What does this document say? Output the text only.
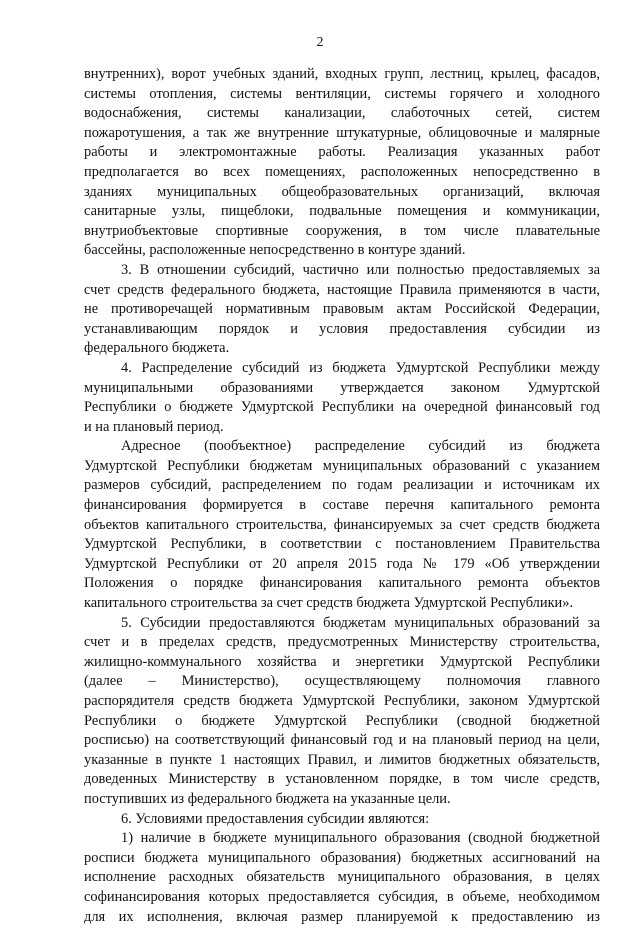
2
внутренних), ворот учебных зданий, входных групп, лестниц, крылец, фасадов,
системы отопления, системы вентиляции, системы горячего и холодного
водоснабжения, системы канализации, слаботочных сетей, систем
пожаротушения, а так же внутренние штукатурные, облицовочные и малярные
работы и электромонтажные работы. Реализация указанных работ
предполагается во всех помещениях, расположенных непосредственно в
зданиях муниципальных общеобразовательных организаций, включая
санитарные узлы, пищеблоки, подвальные помещения и коммуникации,
внутриобъектовые спортивные сооружения, в том числе плавательные
бассейны, расположенные непосредственно в контуре зданий.
3. В отношении субсидий, частично или полностью предоставляемых за
счет средств федерального бюджета, настоящие Правила применяются в части,
не противоречащей нормативным правовым актам Российской Федерации,
устанавливающим порядок и условия предоставления субсидии из
федерального бюджета.
4. Распределение субсидий из бюджета Удмуртской Республики между
муниципальными образованиями утверждается законом Удмуртской
Республики о бюджете Удмуртской Республики на очередной финансовый год
и на плановый период.
Адресное (пообъектное) распределение субсидий из бюджета
Удмуртской Республики бюджетам муниципальных образований с указанием
размеров субсидий, распределением по годам реализации и источникам их
финансирования формируется в составе перечня капитального ремонта
объектов капитального строительства, финансируемых за счет средств бюджета
Удмуртской Республики, в соответствии с постановлением Правительства
Удмуртской Республики от 20 апреля 2015 года № 179 «Об утверждении
Положения о порядке финансирования капитального ремонта объектов
капитального строительства за счет средств бюджета Удмуртской Республики».
5. Субсидии предоставляются бюджетам муниципальных образований за
счет и в пределах средств, предусмотренных Министерству строительства,
жилищно-коммунального хозяйства и энергетики Удмуртской Республики
(далее – Министерство), осуществляющему полномочия главного
распорядителя средств бюджета Удмуртской Республики, законом Удмуртской
Республики о бюджете Удмуртской Республики (сводной бюджетной
росписью) на соответствующий финансовый год и на плановый период на цели,
указанные в пункте 1 настоящих Правил, и лимитов бюджетных обязательств,
доведенных Министерству в установленном порядке, в том числе средств,
поступивших из федерального бюджета на указанные цели.
6. Условиями предоставления субсидии являются:
1) наличие в бюджете муниципального образования (сводной бюджетной
росписи бюджета муниципального образования) бюджетных ассигнований на
исполнение расходных обязательств муниципального образования, в целях
софинансирования которых предоставляется субсидия, в объеме, необходимом
для их исполнения, включая размер планируемой к предоставлению из
